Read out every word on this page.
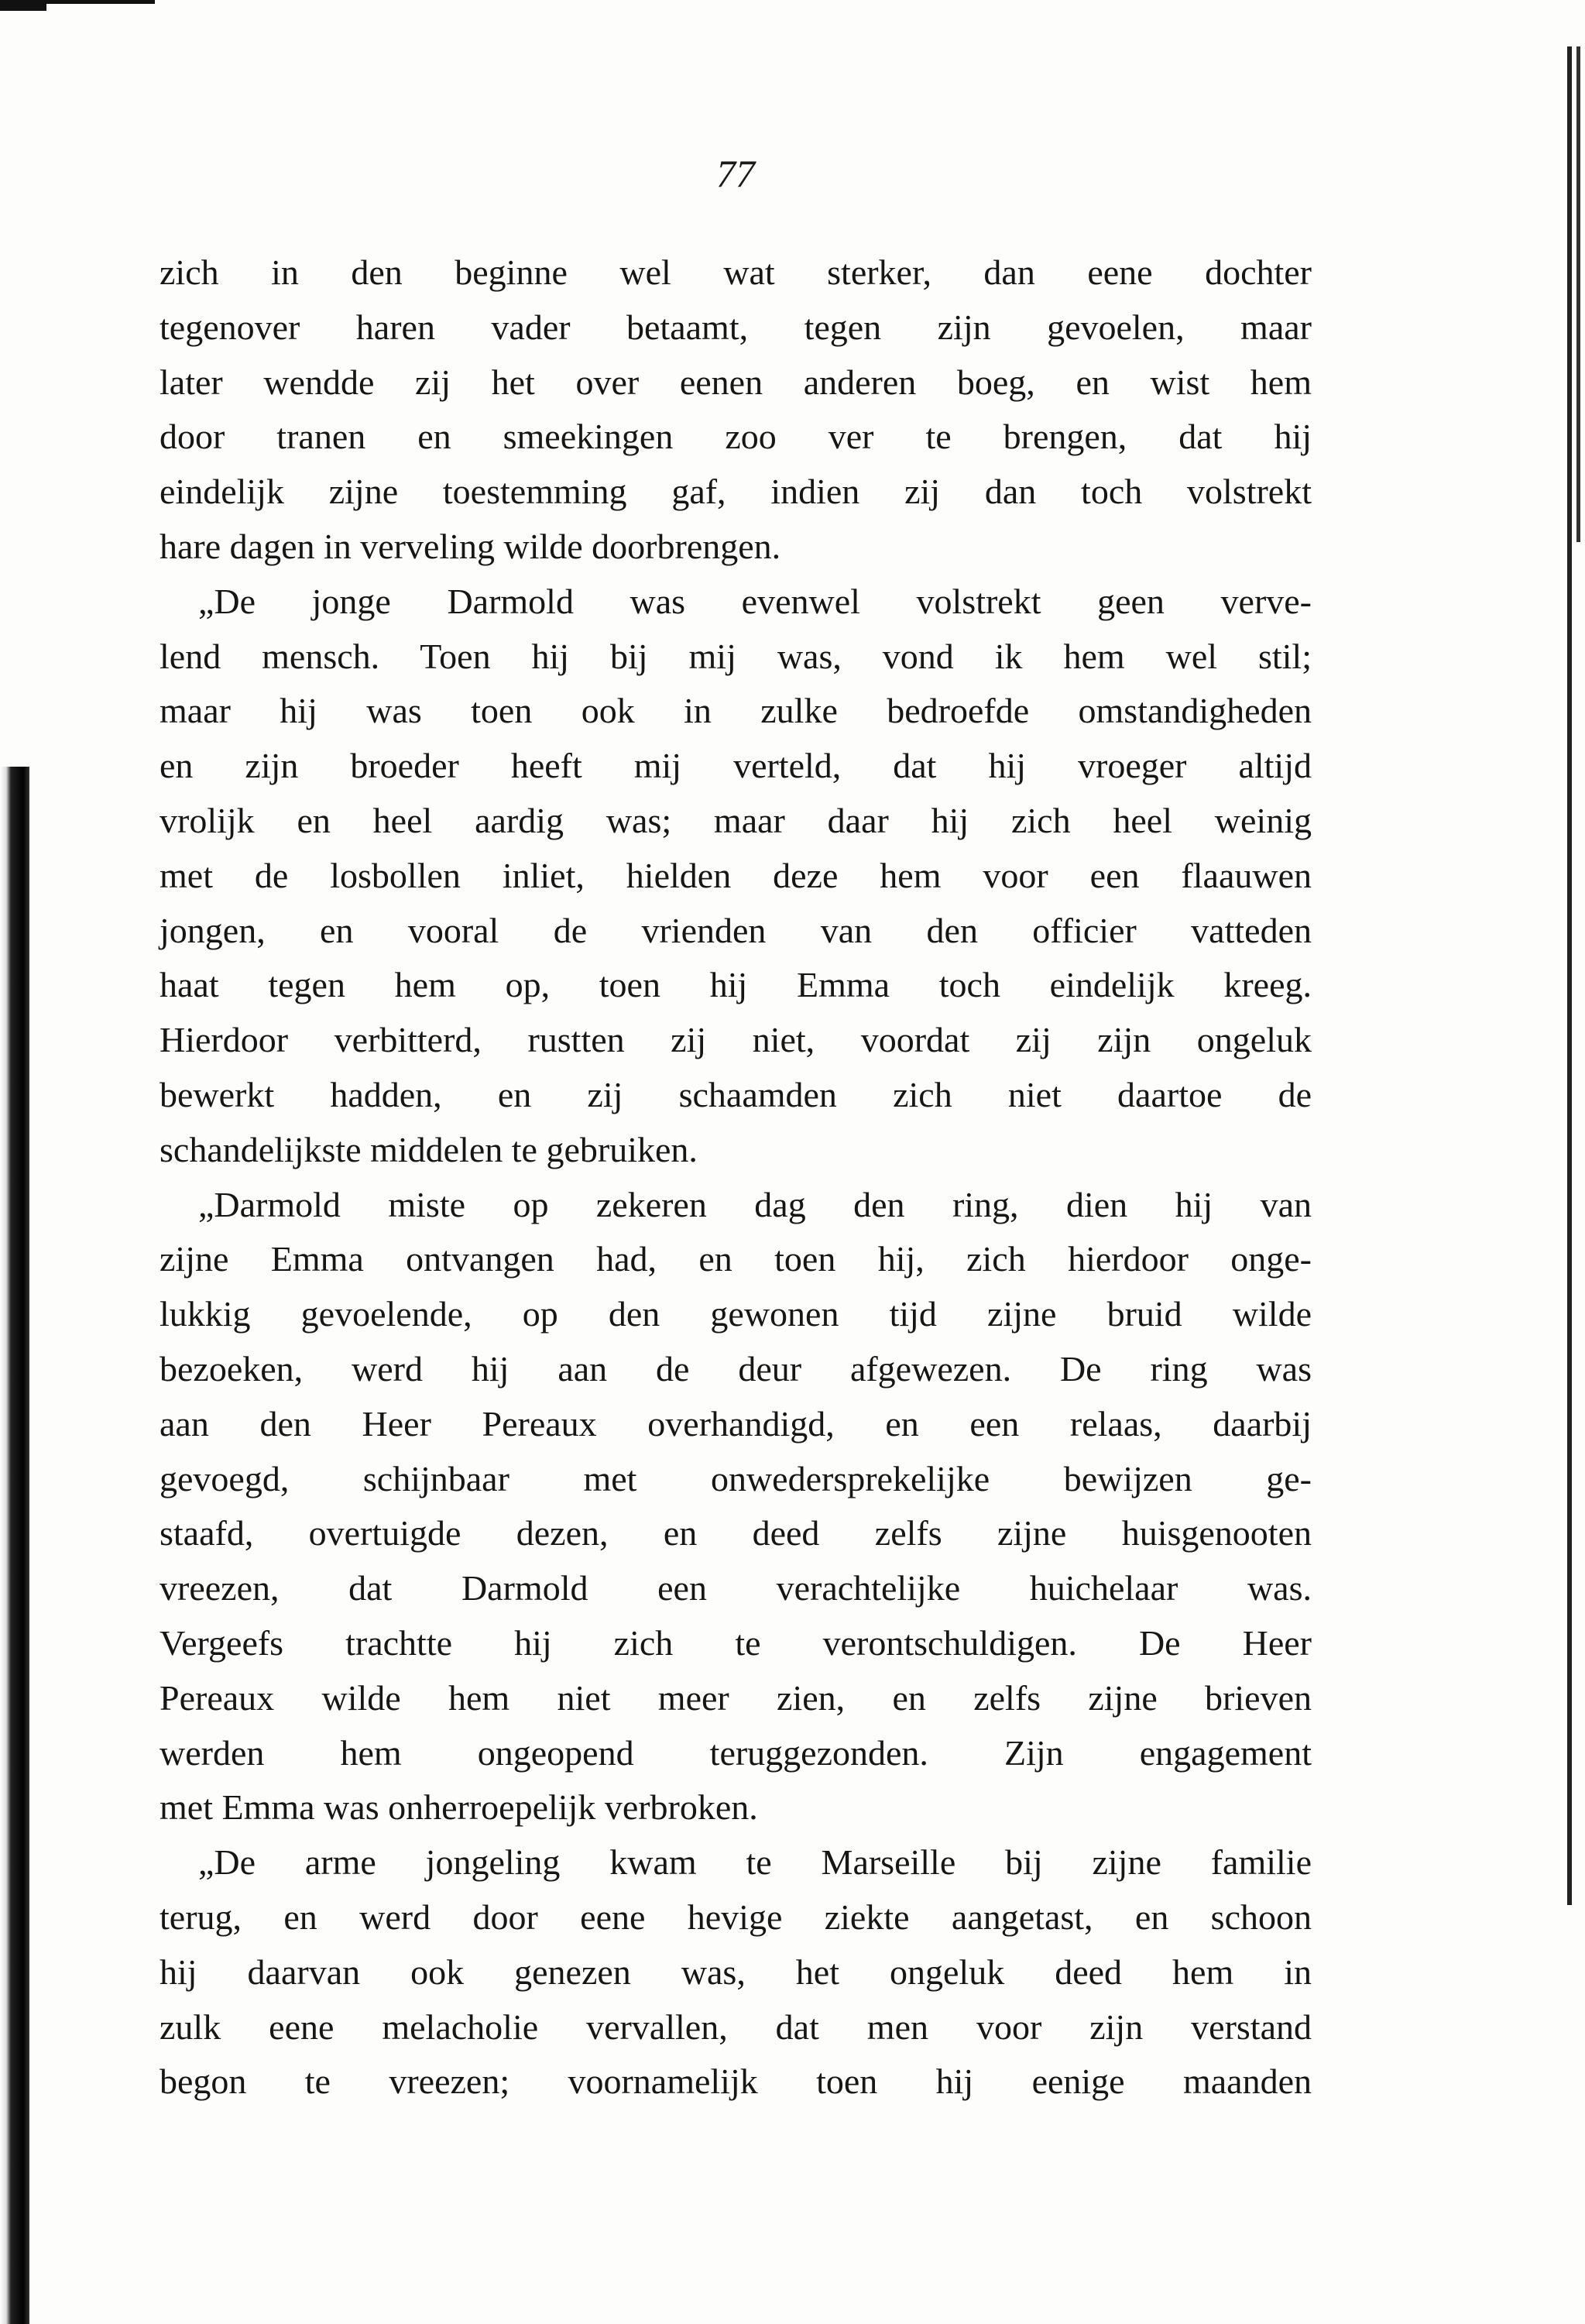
77
zich in den beginne wel wat sterker, dan eene dochter
tegenover haren vader betaamt, tegen zijn gevoelen, maar
later wendde zij het over eenen anderen boeg, en wist hem
door tranen en smeekingen zoo ver te brengen, dat hij
eindelijk zijne toestemming gaf, indien zij dan toch volstrekt
hare dagen in verveling wilde doorbrengen.
„De jonge Darmold was evenwel volstrekt geen verve-
lend mensch. Toen hij bij mij was, vond ik hem wel stil;
maar hij was toen ook in zulke bedroefde omstandigheden
en zijn broeder heeft mij verteld, dat hij vroeger altijd
vrolijk en heel aardig was; maar daar hij zich heel weinig
met de losbollen inliet, hielden deze hem voor een flaauwen
jongen, en vooral de vrienden van den officier vatteden
haat tegen hem op, toen hij Emma toch eindelijk kreeg.
Hierdoor verbitterd, rustten zij niet, voordat zij zijn ongeluk
bewerkt hadden, en zij schaamden zich niet daartoe de
schandelijkste middelen te gebruiken.
„Darmold miste op zekeren dag den ring, dien hij van
zijne Emma ontvangen had, en toen hij, zich hierdoor onge-
lukkig gevoelende, op den gewonen tijd zijne bruid wilde
bezoeken, werd hij aan de deur afgewezen. De ring was
aan den Heer Pereaux overhandigd, en een relaas, daarbij
gevoegd, schijnbaar met onwedersprekelijke bewijzen ge-
staafd, overtuigde dezen, en deed zelfs zijne huisgenooten
vreezen, dat Darmold een verachtelijke huichelaar was.
Vergeefs trachtte hij zich te verontschuldigen. De Heer
Pereaux wilde hem niet meer zien, en zelfs zijne brieven
werden hem ongeopend teruggezonden. Zijn engagement
met Emma was onherroepelijk verbroken.
„De arme jongeling kwam te Marseille bij zijne familie
terug, en werd door eene hevige ziekte aangetast, en schoon
hij daarvan ook genezen was, het ongeluk deed hem in
zulk eene melacholie vervallen, dat men voor zijn verstand
begon te vreezen; voornamelijk toen hij eenige maanden
